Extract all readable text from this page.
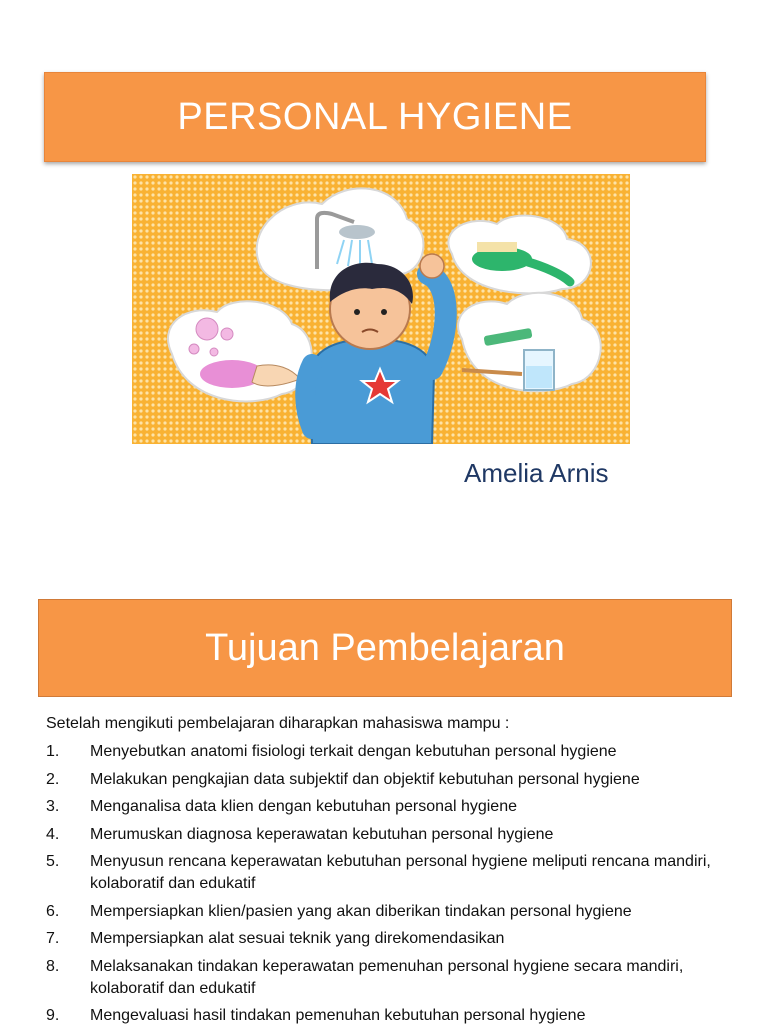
PERSONAL HYGIENE
Amelia Arnis
Tujuan Pembelajaran
Setelah mengikuti pembelajaran diharapkan mahasiswa mampu :
1.	Menyebutkan anatomi fisiologi terkait dengan kebutuhan personal hygiene
2.	Melakukan pengkajian data subjektif dan objektif kebutuhan personal hygiene
3.	Menganalisa data klien dengan kebutuhan personal hygiene
4.	Merumuskan diagnosa keperawatan kebutuhan personal hygiene
5.	Menyusun rencana keperawatan kebutuhan personal hygiene meliputi rencana mandiri, kolaboratif dan edukatif
6.	Mempersiapkan klien/pasien yang akan diberikan tindakan personal hygiene
7.	Mempersiapkan alat sesuai teknik yang direkomendasikan
8.	Melaksanakan tindakan keperawatan pemenuhan personal hygiene secara mandiri, kolaboratif dan edukatif
9.	Mengevaluasi hasil tindakan pemenuhan kebutuhan personal hygiene
